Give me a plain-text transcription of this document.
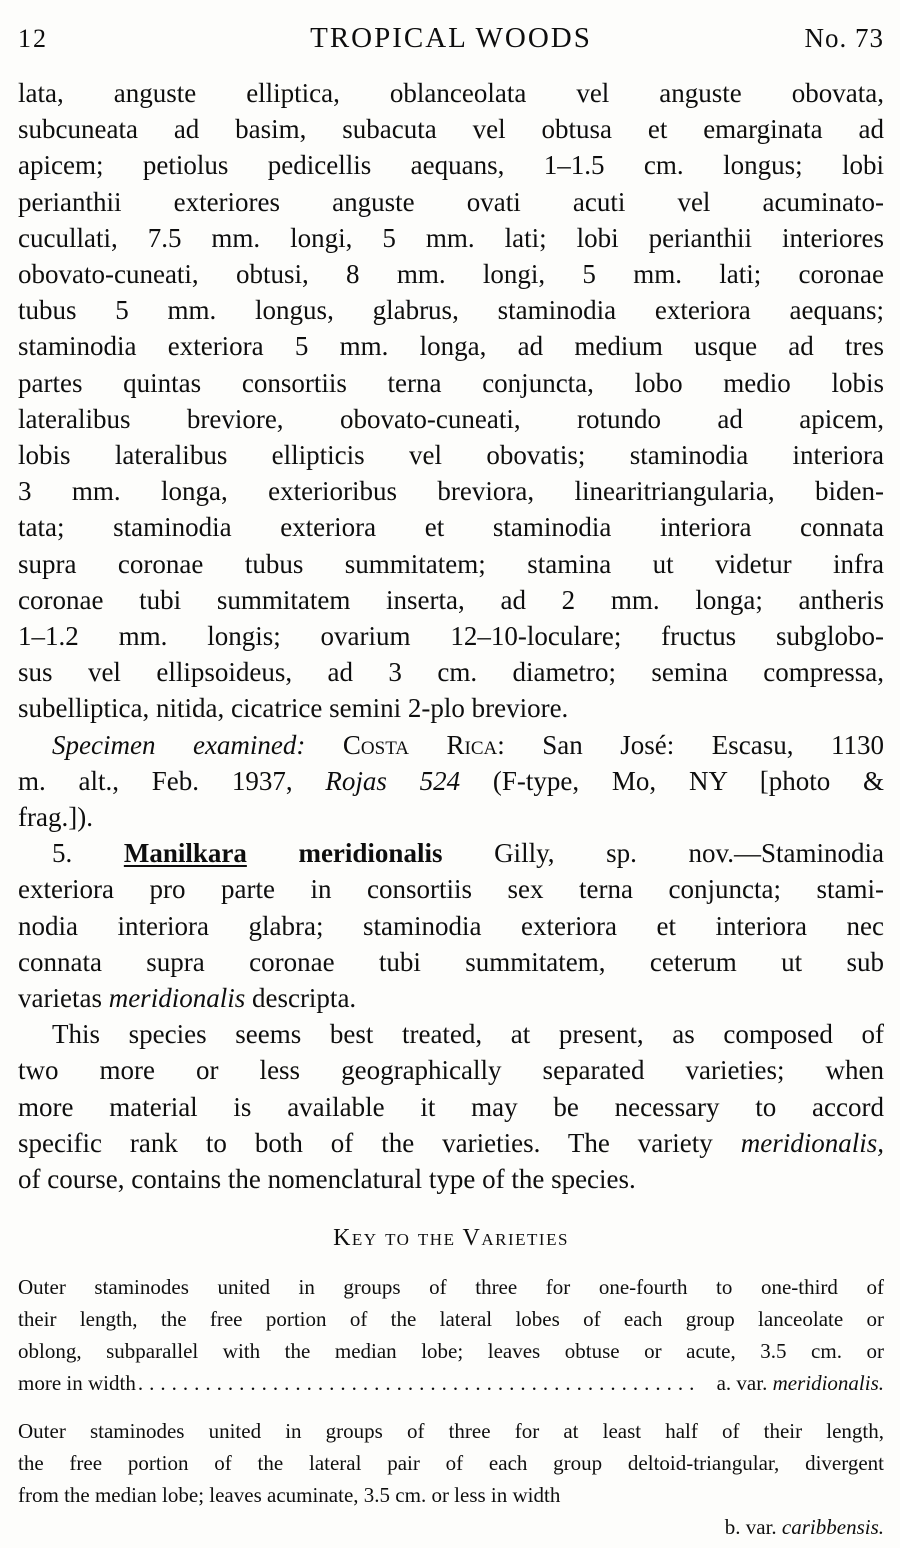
12	TROPICAL WOODS	No. 73
lata, anguste elliptica, oblanceolata vel anguste obovata,
subcuneata ad basim, subacuta vel obtusa et emarginata ad
apicem; petiolus pedicellis aequans, 1–1.5 cm. longus; lobi
perianthii exteriores anguste ovati acuti vel acuminato-
cucullati, 7.5 mm. longi, 5 mm. lati; lobi perianthii interiores
obovato-cuneati, obtusi, 8 mm. longi, 5 mm. lati; coronae
tubus 5 mm. longus, glabrus, staminodia exteriora aequans;
staminodia exteriora 5 mm. longa, ad medium usque ad tres
partes quintas consortiis terna conjuncta, lobo medio lobis
lateralibus breviore, obovato-cuneati, rotundo ad apicem,
lobis lateralibus ellipticis vel obovatis; staminodia interiora
3 mm. longa, exterioribus breviora, linearitriangularia, biden-
tata; staminodia exteriora et staminodia interiora connata
supra coronae tubus summitatem; stamina ut videtur infra
coronae tubi summitatem inserta, ad 2 mm. longa; antheris
1–1.2 mm. longis; ovarium 12–10-loculare; fructus subglobo-
sus vel ellipsoideus, ad 3 cm. diametro; semina compressa,
subelliptica, nitida, cicatrice semini 2-plo breviore.
Specimen examined: Costa Rica: San José: Escasu, 1130
m. alt., Feb. 1937, Rojas 524 (F-type, Mo, NY [photo &
frag.]).
5. Manilkara meridionalis Gilly, sp. nov.—Staminodia
exteriora pro parte in consortiis sex terna conjuncta; stami-
nodia interiora glabra; staminodia exteriora et interiora nec
connata supra coronae tubi summitatem, ceterum ut sub
varietas meridionalis descripta.
This species seems best treated, at present, as composed of
two more or less geographically separated varieties; when
more material is available it may be necessary to accord
specific rank to both of the varieties. The variety meridionalis,
of course, contains the nomenclatural type of the species.
Key to the Varieties
Outer staminodes united in groups of three for one-fourth to one-third of
their length, the free portion of the lateral lobes of each group lanceolate or
oblong, subparallel with the median lobe; leaves obtuse or acute, 3.5 cm. or
more in width .................................................. a. var. meridionalis.
Outer staminodes united in groups of three for at least half of their length,
the free portion of the lateral pair of each group deltoid-triangular, divergent
from the median lobe; leaves acuminate, 3.5 cm. or less in width
b. var. caribbensis.
